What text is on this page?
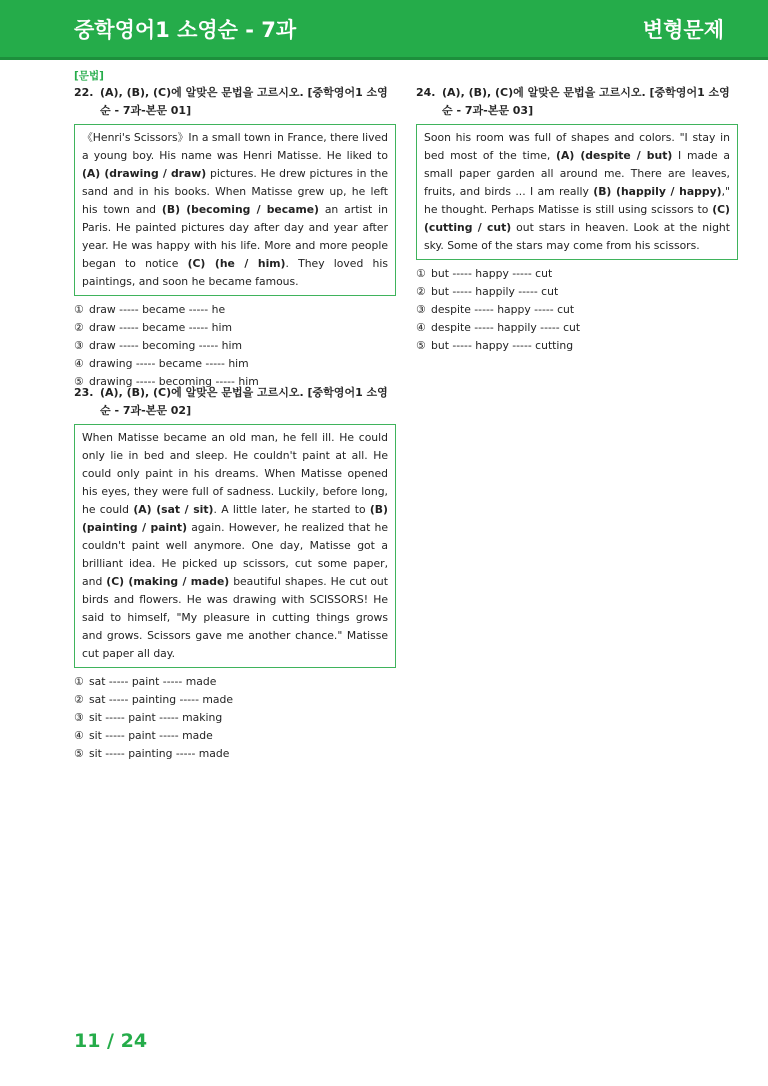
중학영어1 소영순 - 7과	변형문제
[문법]
22. (A), (B), (C)에 알맞은 문법을 고르시오. [중학영어1 소영순 - 7과-본문 01]
《Henri's Scissors》In a small town in France, there lived a young boy. His name was Henri Matisse. He liked to (A) (drawing / draw) pictures. He drew pictures in the sand and in his books. When Matisse grew up, he left his town and (B) (becoming / became) an artist in Paris. He painted pictures day after day and year after year. He was happy with his life. More and more people began to notice (C) (he / him). They loved his paintings, and soon he became famous.
① draw ----- became ----- he
② draw ----- became ----- him
③ draw ----- becoming ----- him
④ drawing ----- became ----- him
⑤ drawing ----- becoming ----- him
23. (A), (B), (C)에 알맞은 문법을 고르시오. [중학영어1 소영순 - 7과-본문 02]
When Matisse became an old man, he fell ill. He could only lie in bed and sleep. He couldn't paint at all. He could only paint in his dreams. When Matisse opened his eyes, they were full of sadness. Luckily, before long, he could (A) (sat / sit). A little later, he started to (B) (painting / paint) again. However, he realized that he couldn't paint well anymore. One day, Matisse got a brilliant idea. He picked up scissors, cut some paper, and (C) (making / made) beautiful shapes. He cut out birds and flowers. He was drawing with SCISSORS! He said to himself, "My pleasure in cutting things grows and grows. Scissors gave me another chance." Matisse cut paper all day.
① sat ----- paint ----- made
② sat ----- painting ----- made
③ sit ----- paint ----- making
④ sit ----- paint ----- made
⑤ sit ----- painting ----- made
24. (A), (B), (C)에 알맞은 문법을 고르시오. [중학영어1 소영순 - 7과-본문 03]
Soon his room was full of shapes and colors. "I stay in bed most of the time, (A) (despite / but) I made a small paper garden all around me. There are leaves, fruits, and birds ... I am really (B) (happily / happy)," he thought. Perhaps Matisse is still using scissors to (C) (cutting / cut) out stars in heaven. Look at the night sky. Some of the stars may come from his scissors.
① but ----- happy ----- cut
② but ----- happily ----- cut
③ despite ----- happy ----- cut
④ despite ----- happily ----- cut
⑤ but ----- happy ----- cutting
11 / 24
